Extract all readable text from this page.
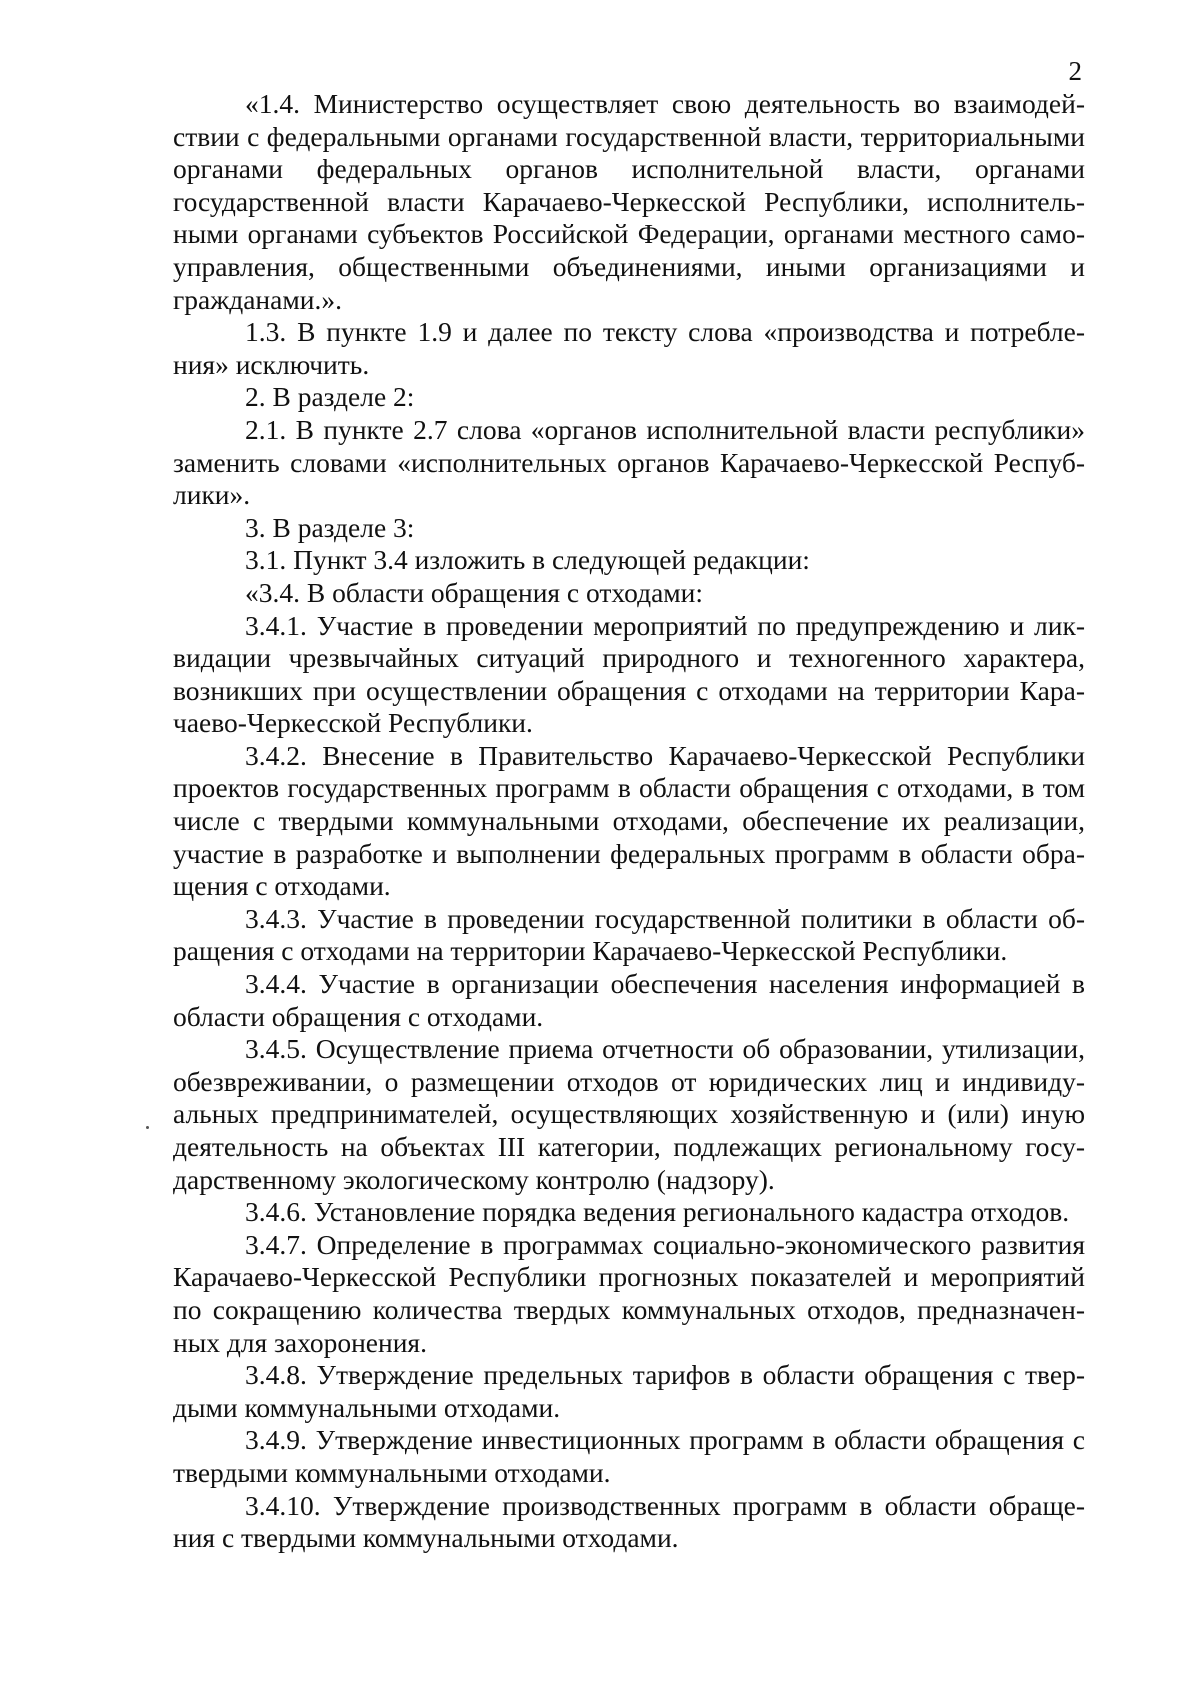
2

«1.4. Министерство осуществляет свою деятельность во взаимодействии с федеральными органами государственной власти, территориальными органами федеральных органов исполнительной власти, органами государственной власти Карачаево-Черкесской Республики, исполнительными органами субъектов Российской Федерации, органами местного самоуправления, общественными объединениями, иными организациями и гражданами.».

1.3. В пункте 1.9 и далее по тексту слова «производства и потребления» исключить.

2. В разделе 2:

2.1. В пункте 2.7 слова «органов исполнительной власти республики» заменить словами «исполнительных органов Карачаево-Черкесской Республики».

3. В разделе 3:

3.1. Пункт 3.4 изложить в следующей редакции:

«3.4. В области обращения с отходами:

3.4.1. Участие в проведении мероприятий по предупреждению и ликвидации чрезвычайных ситуаций природного и техногенного характера, возникших при осуществлении обращения с отходами на территории Карачаево-Черкесской Республики.

3.4.2. Внесение в Правительство Карачаево-Черкесской Республики проектов государственных программ в области обращения с отходами, в том числе с твердыми коммунальными отходами, обеспечение их реализации, участие в разработке и выполнении федеральных программ в области обращения с отходами.

3.4.3. Участие в проведении государственной политики в области обращения с отходами на территории Карачаево-Черкесской Республики.

3.4.4. Участие в организации обеспечения населения информацией в области обращения с отходами.

3.4.5. Осуществление приема отчетности об образовании, утилизации, обезвреживании, о размещении отходов от юридических лиц и индивидуальных предпринимателей, осуществляющих хозяйственную и (или) иную деятельность на объектах III категории, подлежащих региональному государственному экологическому контролю (надзору).

3.4.6. Установление порядка ведения регионального кадастра отходов.

3.4.7. Определение в программах социально-экономического развития Карачаево-Черкесской Республики прогнозных показателей и мероприятий по сокращению количества твердых коммунальных отходов, предназначенных для захоронения.

3.4.8. Утверждение предельных тарифов в области обращения с твердыми коммунальными отходами.

3.4.9. Утверждение инвестиционных программ в области обращения с твердыми коммунальными отходами.

3.4.10. Утверждение производственных программ в области обращения с твердыми коммунальными отходами.
